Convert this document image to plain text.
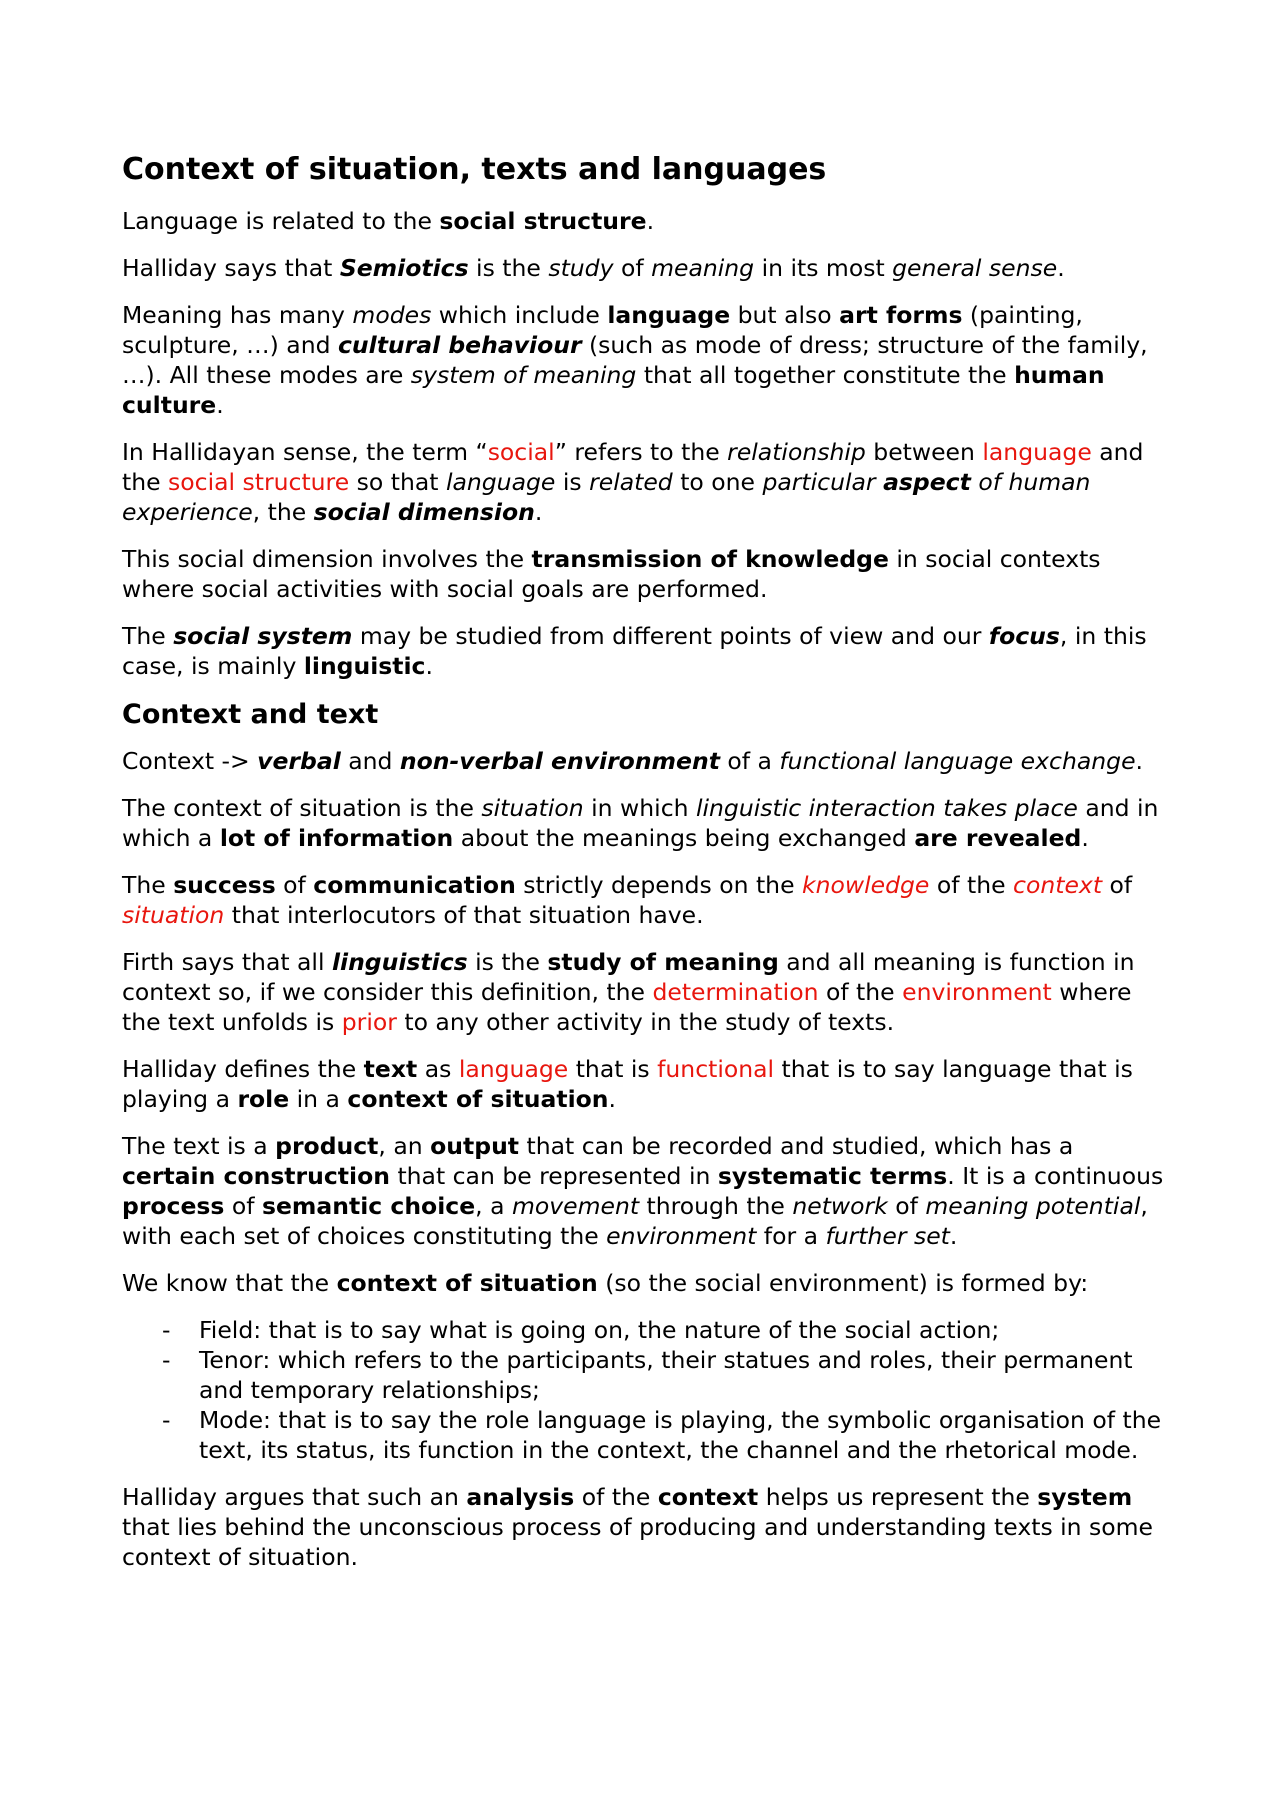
Context of situation, texts and languages

Language is related to the social structure.

Halliday says that Semiotics is the study of meaning in its most general sense.

Meaning has many modes which include language but also art forms (painting, sculpture, …) and cultural behaviour (such as mode of dress; structure of the family, …). All these modes are system of meaning that all together constitute the human culture.

In Hallidayan sense, the term “social” refers to the relationship between language and the social structure so that language is related to one particular aspect of human experience, the social dimension.

This social dimension involves the transmission of knowledge in social contexts where social activities with social goals are performed.

The social system may be studied from different points of view and our focus, in this case, is mainly linguistic.

Context and text

Context -> verbal and non-verbal environment of a functional language exchange.

The context of situation is the situation in which linguistic interaction takes place and in which a lot of information about the meanings being exchanged are revealed.

The success of communication strictly depends on the knowledge of the context of situation that interlocutors of that situation have.

Firth says that all linguistics is the study of meaning and all meaning is function in context so, if we consider this definition, the determination of the environment where the text unfolds is prior to any other activity in the study of texts.

Halliday defines the text as language that is functional that is to say language that is playing a role in a context of situation.

The text is a product, an output that can be recorded and studied, which has a certain construction that can be represented in systematic terms. It is a continuous process of semantic choice, a movement through the network of meaning potential, with each set of choices constituting the environment for a further set.

We know that the context of situation (so the social environment) is formed by:

- Field: that is to say what is going on, the nature of the social action;
- Tenor: which refers to the participants, their statues and roles, their permanent and temporary relationships;
- Mode: that is to say the role language is playing, the symbolic organisation of the text, its status, its function in the context, the channel and the rhetorical mode.

Halliday argues that such an analysis of the context helps us represent the system that lies behind the unconscious process of producing and understanding texts in some context of situation.
